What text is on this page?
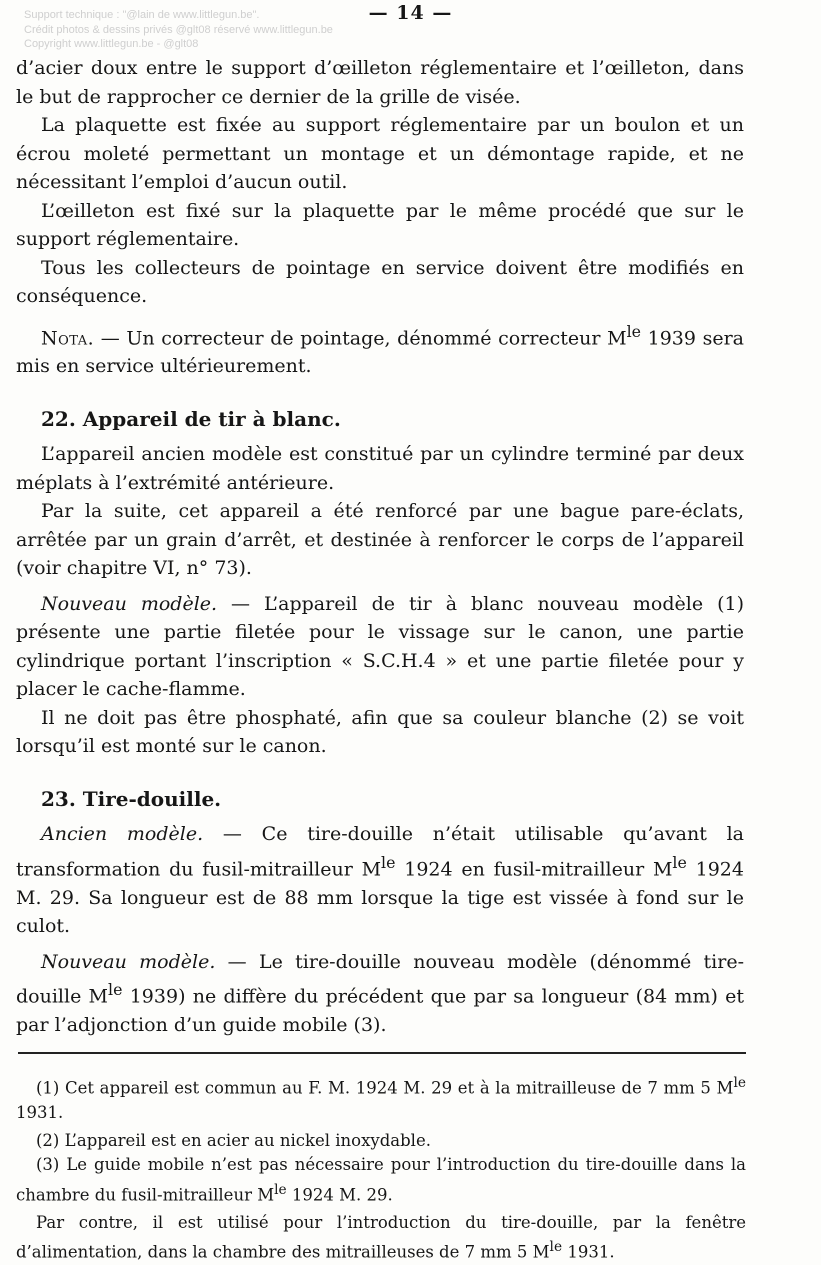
Support technique : "@lain de www.littlegun.be".
Crédit photos & dessins privés @glt08 réservé www.littlegun.be
Copyright www.littlegun.be - @glt08
— 14 —

d’acier doux entre le support d’œilleton réglementaire et l’œilleton, dans le but de rapprocher ce dernier de la grille de visée.

La plaquette est fixée au support réglementaire par un boulon et un écrou moleté permettant un montage et un démontage rapide, et ne nécessitant l’emploi d’aucun outil.

L’œilleton est fixé sur la plaquette par le même procédé que sur le support réglementaire.

Tous les collecteurs de pointage en service doivent être modifiés en conséquence.

Nota. — Un correcteur de pointage, dénommé correcteur $M^{le}$ 1939 sera mis en service ultérieurement.

22. Appareil de tir à blanc.

L’appareil ancien modèle est constitué par un cylindre terminé par deux méplats à l’extrémité antérieure.

Par la suite, cet appareil a été renforcé par une bague pare-éclats, arrêtée par un grain d’arrêt, et destinée à renforcer le corps de l’appareil (voir chapitre VI, n° 73).

Nouveau modèle. — L’appareil de tir à blanc nouveau modèle (1) présente une partie filetée pour le vissage sur le canon, une partie cylindrique portant l’inscription « S.C.H.4 » et une partie filetée pour y placer le cache-flamme.

Il ne doit pas être phosphaté, afin que sa couleur blanche (2) se voit lorsqu’il est monté sur le canon.

23. Tire-douille.

Ancien modèle. — Ce tire-douille n’était utilisable qu’avant la transformation du fusil-mitrailleur $M^{le}$ 1924 en fusil-mitrailleur $M^{le}$ 1924 M. 29. Sa longueur est de 88 mm lorsque la tige est vissée à fond sur le culot.

Nouveau modèle. — Le tire-douille nouveau modèle (dénommé tire-douille $M^{le}$ 1939) ne diffère du précédent que par sa longueur (84 mm) et par l’adjonction d’un guide mobile (3).

(1) Cet appareil est commun au F. M. 1924 M. 29 et à la mitrailleuse de 7 mm 5 $M^{le}$ 1931.

(2) L’appareil est en acier au nickel inoxydable.

(3) Le guide mobile n’est pas nécessaire pour l’introduction du tire-douille dans la chambre du fusil-mitrailleur $M^{le}$ 1924 M. 29.

Par contre, il est utilisé pour l’introduction du tire-douille, par la fenêtre d’alimentation, dans la chambre des mitrailleuses de 7 mm 5 $M^{le}$ 1931.
